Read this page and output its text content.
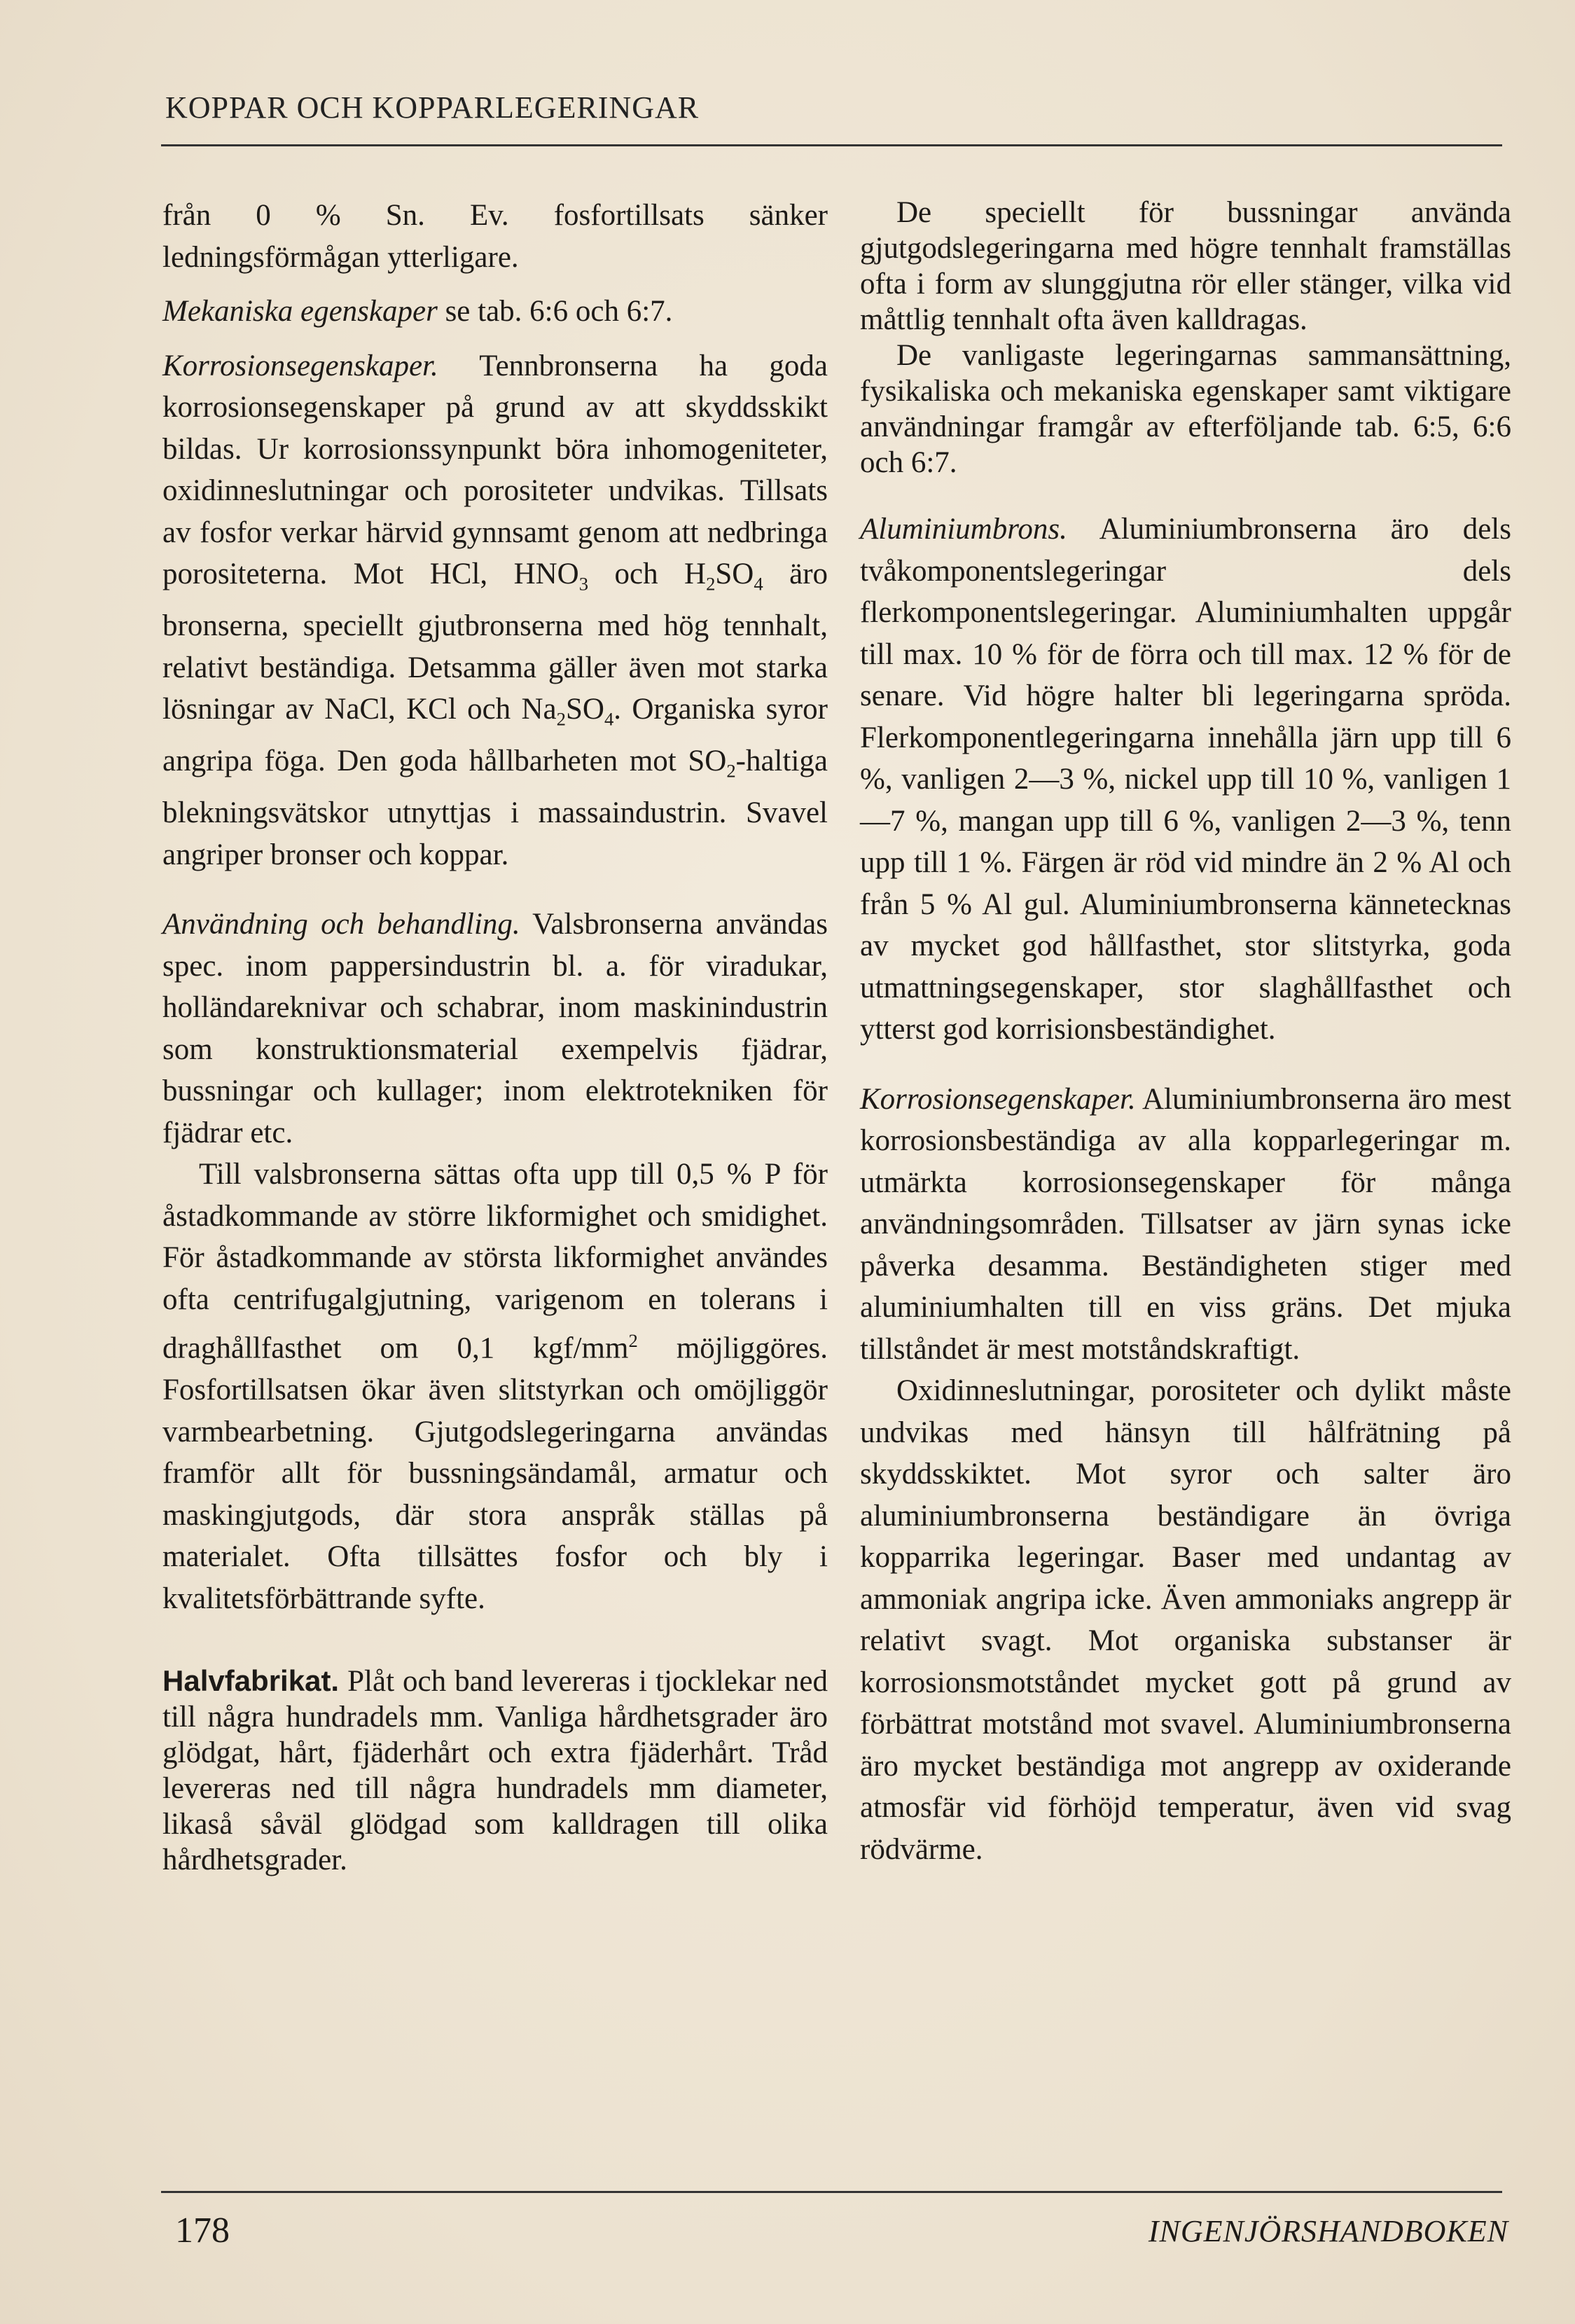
KOPPAR OCH KOPPARLEGERINGAR

från 0 % Sn. Ev. fosfortillsats sänker ledningsförmågan ytterligare.

Mekaniska egenskaper se tab. 6:6 och 6:7.

Korrosionsegenskaper. Tennbronserna ha goda korrosionsegenskaper på grund av att skyddsskikt bildas. Ur korrosionssynpunkt böra inhomogeniteter, oxidinneslutningar och porositeter undvikas. Tillsats av fosfor verkar härvid gynnsamt genom att nedbringa porositeterna. Mot HCl, $HNO_3$ och $H_2SO_4$ äro bronserna, speciellt gjutbronserna med hög tennhalt, relativt beständiga. Detsamma gäller även mot starka lösningar av NaCl, KCl och $Na_2SO_4$. Organiska syror angripa föga. Den goda hållbarheten mot $SO_2$-haltiga blekningsvätskor utnyttjas i massaindustrin. Svavel angriper bronser och koppar.

Användning och behandling. Valsbronserna användas spec. inom pappersindustrin bl. a. för viradukar, holländareknivar och schabrar, inom maskinindustrin som konstruktionsmaterial exempelvis fjädrar, bussningar och kullager; inom elektrotekniken för fjädrar etc.

Till valsbronserna sättas ofta upp till 0,5 % P för åstadkommande av större likformighet och smidighet. För åstadkommande av största likformighet användes ofta centrifugalgjutning, varigenom en tolerans i draghållfasthet om 0,1 kgf/$mm^2$ möjliggöres. Fosfortillsatsen ökar även slitstyrkan och omöjliggör varmbearbetning. Gjutgodslegeringarna användas framför allt för bussningsändamål, armatur och maskingjutgods, där stora anspråk ställas på materialet. Ofta tillsättes fosfor och bly i kvalitetsförbättrande syfte.

Halvfabrikat. Plåt och band levereras i tjocklekar ned till några hundradels mm. Vanliga hårdhetsgrader äro glödgat, hårt, fjäderhårt och extra fjäderhårt. Tråd levereras ned till några hundradels mm diameter, likaså såväl glödgad som kalldragen till olika hårdhetsgrader.

De speciellt för bussningar använda gjutgodslegeringarna med högre tennhalt framställas ofta i form av slunggjutna rör eller stänger, vilka vid måttlig tennhalt ofta även kalldragas.

De vanligaste legeringarnas sammansättning, fysikaliska och mekaniska egenskaper samt viktigare användningar framgår av efterföljande tab. 6:5, 6:6 och 6:7.

Aluminiumbrons. Aluminiumbronserna äro dels tvåkomponentslegeringar dels flerkomponentslegeringar. Aluminiumhalten uppgår till max. 10 % för de förra och till max. 12 % för de senare. Vid högre halter bli legeringarna spröda. Flerkomponentlegeringarna innehålla järn upp till 6 %, vanligen 2—3 %, nickel upp till 10 %, vanligen 1—7 %, mangan upp till 6 %, vanligen 2—3 %, tenn upp till 1 %. Färgen är röd vid mindre än 2 % Al och från 5 % Al gul. Aluminiumbronserna kännetecknas av mycket god hållfasthet, stor slitstyrka, goda utmattningsegenskaper, stor slaghållfasthet och ytterst god korrisionsbeständighet.

Korrosionsegenskaper. Aluminiumbronserna äro mest korrosionsbeständiga av alla kopparlegeringar m. utmärkta korrosionsegenskaper för många användningsområden. Tillsatser av järn synas icke påverka desamma. Beständigheten stiger med aluminiumhalten till en viss gräns. Det mjuka tillståndet är mest motståndskraftigt.

Oxidinneslutningar, porositeter och dylikt måste undvikas med hänsyn till hålfrätning på skyddsskiktet. Mot syror och salter äro aluminiumbronserna beständigare än övriga kopparrika legeringar. Baser med undantag av ammoniak angripa icke. Även ammoniaks angrepp är relativt svagt. Mot organiska substanser är korrosionsmotståndet mycket gott på grund av förbättrat motstånd mot svavel. Aluminiumbronserna äro mycket beständiga mot angrepp av oxiderande atmosfär vid förhöjd temperatur, även vid svag rödvärme.

178	INGENJÖRSHANDBOKEN
